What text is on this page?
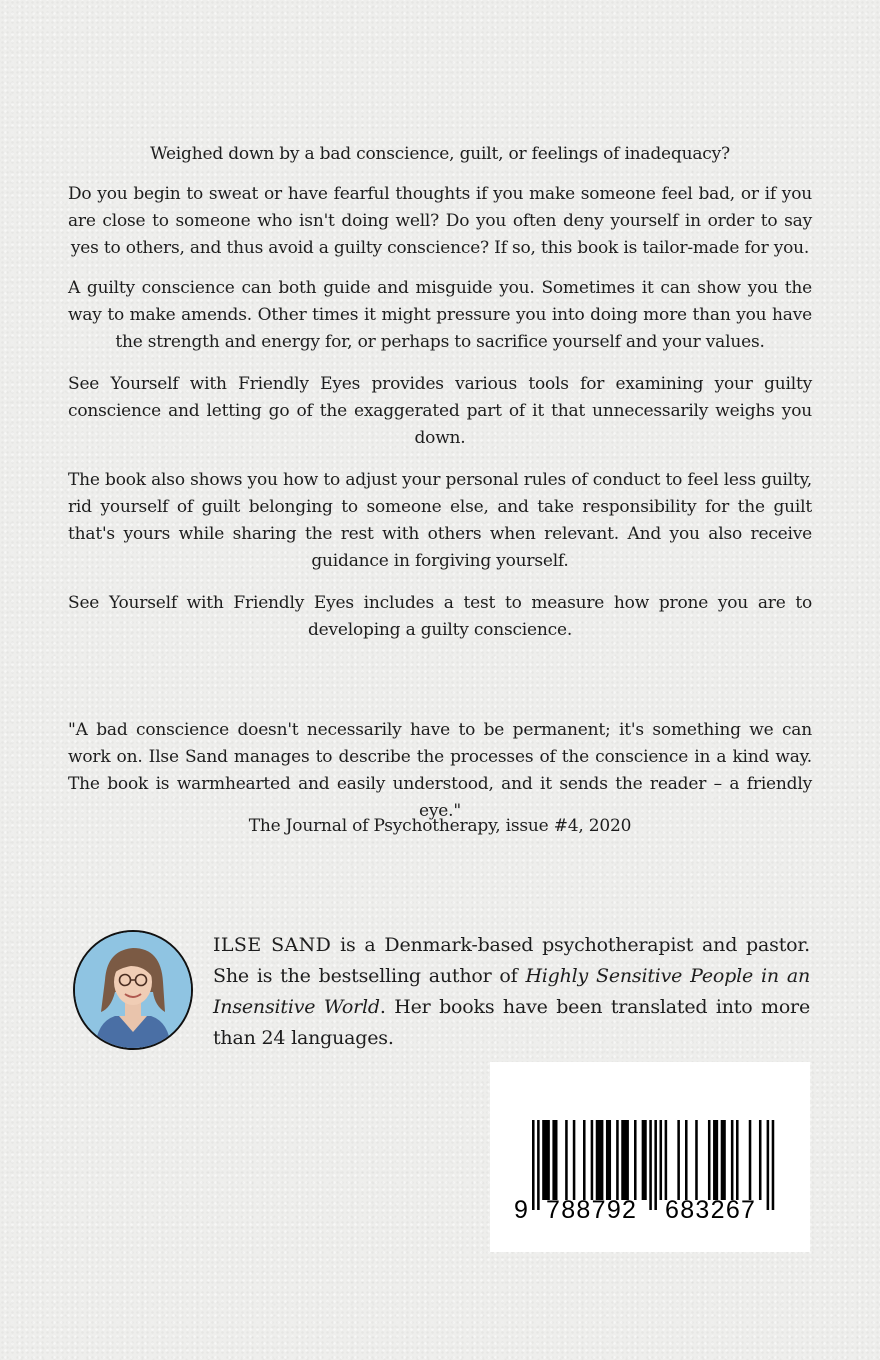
Weighed down by a bad conscience, guilt, or feelings of inadequacy?

Do you begin to sweat or have fearful thoughts if you make someone feel bad, or if you are close to someone who isn't doing well? Do you often deny yourself in order to say yes to others, and thus avoid a guilty conscience? If so, this book is tailor-made for you.

A guilty conscience can both guide and misguide you. Sometimes it can show you the way to make amends. Other times it might pressure you into doing more than you have the strength and energy for, or perhaps to sacrifice yourself and your values.

See Yourself with Friendly Eyes provides various tools for examining your guilty conscience and letting go of the exaggerated part of it that unnecessarily weighs you down.

The book also shows you how to adjust your personal rules of conduct to feel less guilty, rid yourself of guilt belonging to someone else, and take responsibility for the guilt that's yours while sharing the rest with others when relevant. And you also receive guidance in forgiving yourself.

See Yourself with Friendly Eyes includes a test to measure how prone you are to developing a guilty conscience.

"A bad conscience doesn't necessarily have to be permanent; it's something we can work on. Ilse Sand manages to describe the processes of the conscience in a kind way. The book is warmhearted and easily understood, and it sends the reader – a friendly eye."

The Journal of Psychotherapy, issue #4, 2020

ILSE SAND is a Denmark-based psychotherapist and pastor. She is the bestselling author of Highly Sensitive People in an Insensitive World. Her books have been translated into more than 24 languages.

9

788792

683267
